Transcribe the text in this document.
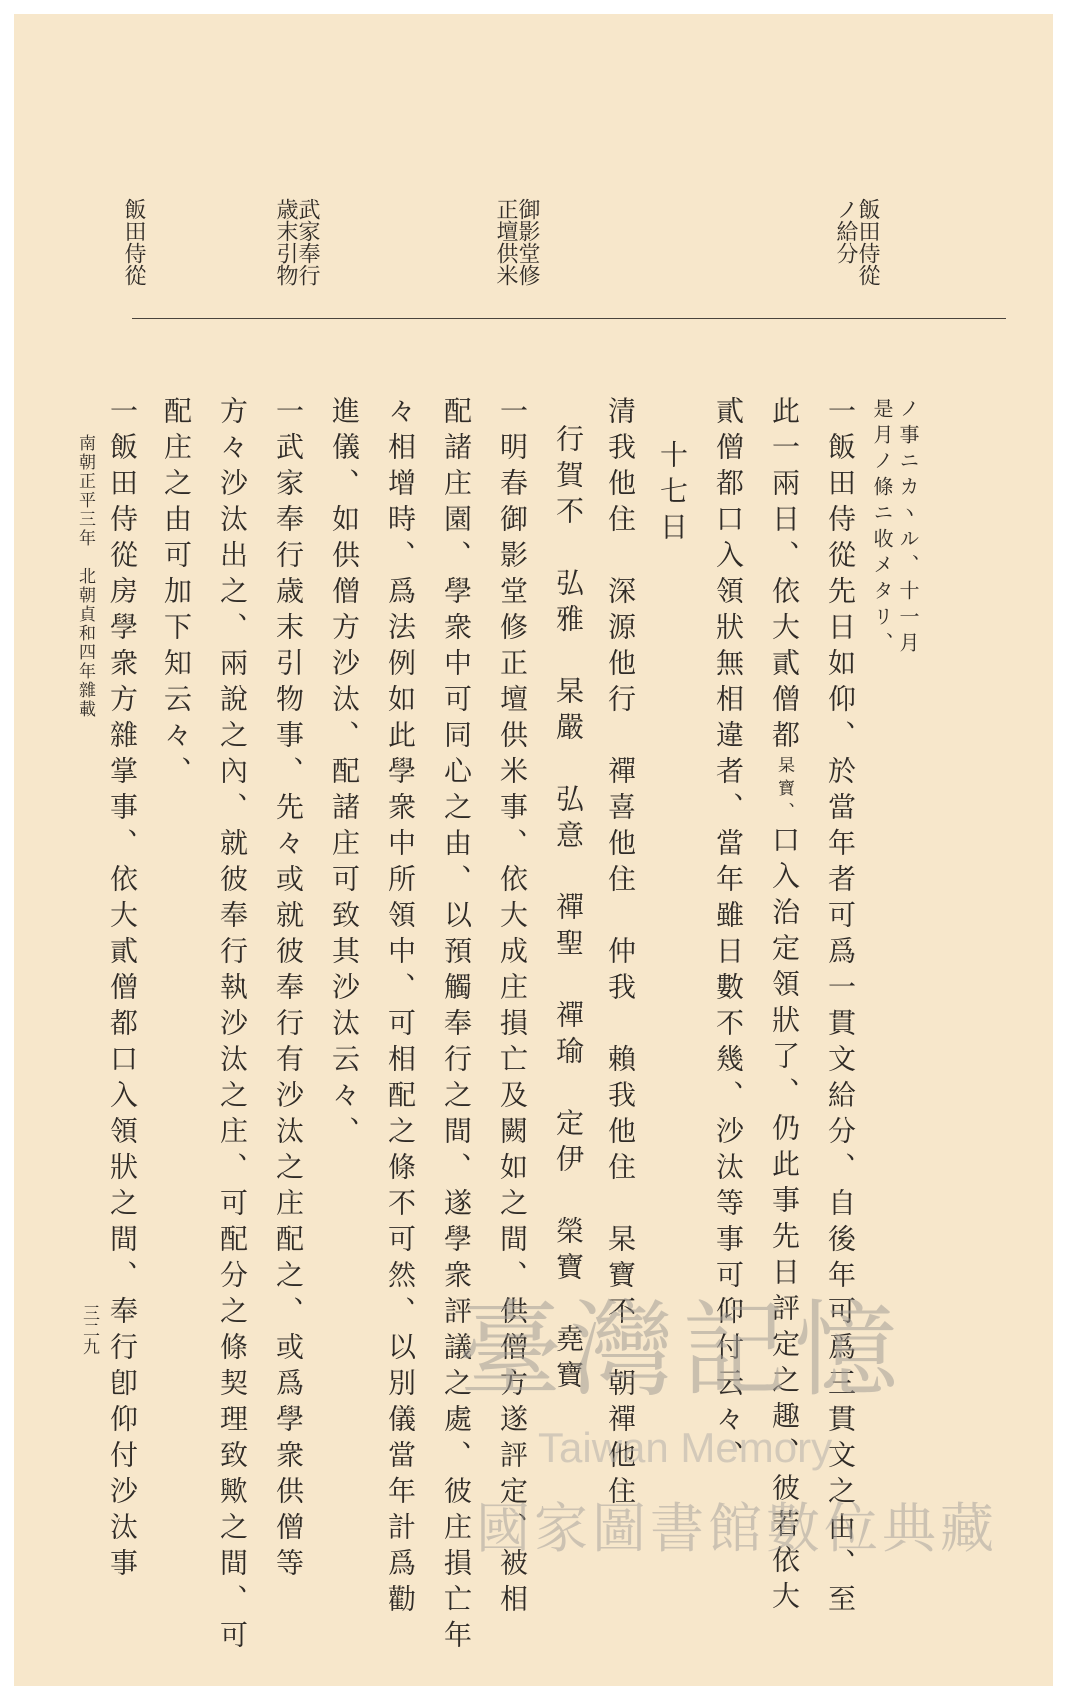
飯田侍從
ノ給分
御影堂修
正壇供米
武家奉行
歳末引物
飯田侍從
ノ事ニカヽル、十一月
是月ノ條ニ收メタリ、
一飯田侍從先日如仰、於當年者可爲一貫文給分、自後年可爲三貫文之由、至
此一兩日、依大貳僧都杲寶、口入治定領狀了、仍此事先日評定之趣、彼若依大
貳僧都口入領狀無相違者、當年雖日數不幾、沙汰等事可仰付云々、
十七日
清我他住　深源他行　禪喜他住　仲我　賴我他住　杲寶不　朝禪他住
行賀不　弘雅　杲嚴　弘意　禪聖　禪瑜　定伊　榮寶　堯寶
一明春御影堂修正壇供米事、依大成庄損亡及闕如之間、供僧方遂評定、被相
配諸庄園、學衆中可同心之由、以預觸奉行之間、遂學衆評議之處、彼庄損亡年
々相增時、爲法例如此學衆中所領中、可相配之條不可然、以別儀當年計爲勸
進儀、如供僧方沙汰、配諸庄可致其沙汰云々、
一武家奉行歳末引物事、先々或就彼奉行有沙汰之庄配之、或爲學衆供僧等
方々沙汰出之、兩說之內、就彼奉行執沙汰之庄、可配分之條契理致歟之間、可
配庄之由可加下知云々、
一飯田侍從房學衆方雜掌事、依大貳僧都口入領狀之間、奉行卽仰付沙汰事
南朝正平三年　北朝貞和四年雜載
三二九	臺灣記憶
Taiwan Memory
國家圖書館數位典藏
